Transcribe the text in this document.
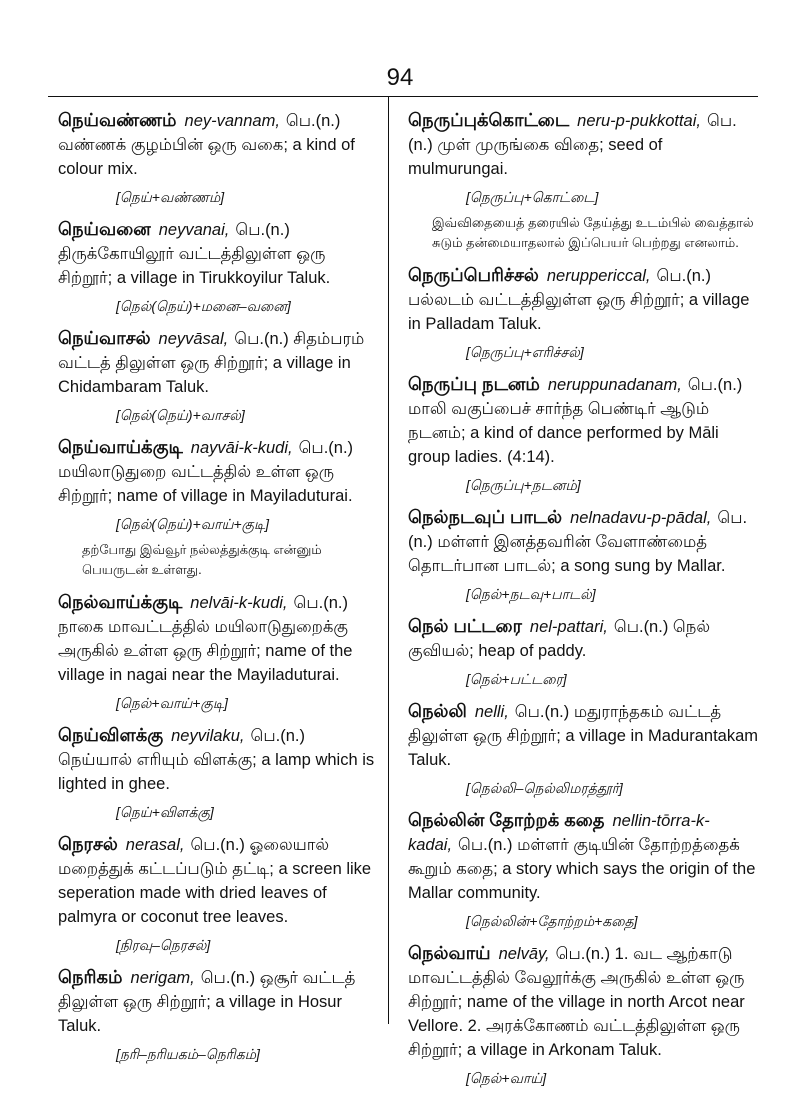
94

நெய்வண்ணம் ney-vannam, பெ.(n.) வண்ணக் குழம்பின் ஒரு வகை; a kind of colour mix.

[நெய்+வண்ணம்]

நெய்வனை neyvanai, பெ.(n.) திருக்கோயிலூர் வட்டத்திலுள்ள ஒரு சிற்றூர்; a village in Tirukkoyilur Taluk.

[நெல்(நெய்)+மனை–வனை]

நெய்வாசல் neyvāsal, பெ.(n.) சிதம்பரம் வட்டத் திலுள்ள ஒரு சிற்றூர்; a village in Chidambaram Taluk.

[நெல்(நெய்)+வாசல்]

நெய்வாய்க்குடி nayvāi-k-kudi, பெ.(n.) மயிலாடுதுறை வட்டத்தில் உள்ள ஒரு சிற்றூர்; name of village in Mayiladuturai.

[நெல்(நெய்)+வாய்+குடி]
தற்போது இவ்வூர் நல்லத்துக்குடி என்னும் பெயருடன் உள்ளது.

நெல்வாய்க்குடி nelvāi-k-kudi, பெ.(n.) நாகை மாவட்டத்தில் மயிலாடுதுறைக்கு அருகில் உள்ள ஒரு சிற்றூர்; name of the village in nagai near the Mayiladuturai.

[நெல்+வாய்+குடி]

நெய்விளக்கு neyvilaku, பெ.(n.) நெய்யால் எரியும் விளக்கு; a lamp which is lighted in ghee.

[நெய்+விளக்கு]

நெரசல் nerasal, பெ.(n.) ஓலையால் மறைத்துக் கட்டப்படும் தட்டி; a screen like seperation made with dried leaves of palmyra or coconut tree leaves.

[நிரவு–நெரசல்]

நெரிகம் nerigam, பெ.(n.) ஒசூர் வட்டத் திலுள்ள ஒரு சிற்றூர்; a village in Hosur Taluk.

[நரி–நரியகம்–நெரிகம்]

நெருப்புக்கொட்டை neru-p-pukkottai, பெ.(n.) முள் முருங்கை விதை; seed of mulmurungai.

[நெருப்பு+கொட்டை]
இவ்விதையைத் தரையில் தேய்த்து உடம்பில் வைத்தால் சுடும் தன்மையாதலால் இப்பெயர் பெற்றது எனலாம்.

நெருப்பெரிச்சல் neruppericcal, பெ.(n.) பல்லடம் வட்டத்திலுள்ள ஒரு சிற்றூர்; a village in Palladam Taluk.

[நெருப்பு+எரிச்சல்]

நெருப்பு நடனம் neruppunadanam, பெ.(n.) மாலி வகுப்பைச் சார்ந்த பெண்டிர் ஆடும் நடனம்; a kind of dance performed by Māli group ladies. (4:14).

[நெருப்பு+நடனம்]

நெல்நடவுப் பாடல் nelnadavu-p-pādal, பெ.(n.) மள்ளர் இனத்தவரின் வேளாண்மைத் தொடர்பான பாடல்; a song sung by Mallar.

[நெல்+நடவு+பாடல்]

நெல் பட்டரை nel-pattari, பெ.(n.) நெல் குவியல்; heap of paddy.

[நெல்+பட்டரை]

நெல்லி nelli, பெ.(n.) மதுராந்தகம் வட்டத் திலுள்ள ஒரு சிற்றூர்; a village in Madurantakam Taluk.

[நெல்லி–நெல்லிமரத்தூர்]

நெல்லின் தோற்றக் கதை nellin-tōrra-k-kadai, பெ.(n.) மள்ளர் குடியின் தோற்றத்தைக் கூறும் கதை; a story which says the origin of the Mallar community.

[நெல்லின்+தோற்றம்+கதை]

நெல்வாய் nelvāy, பெ.(n.) 1. வட ஆற்காடு மாவட்டத்தில் வேலூர்க்கு அருகில் உள்ள ஒரு சிற்றூர்; name of the village in north Arcot near Vellore. 2. அரக்கோணம் வட்டத்திலுள்ள ஒரு சிற்றூர்; a village in Arkonam Taluk.

[நெல்+வாய்]
